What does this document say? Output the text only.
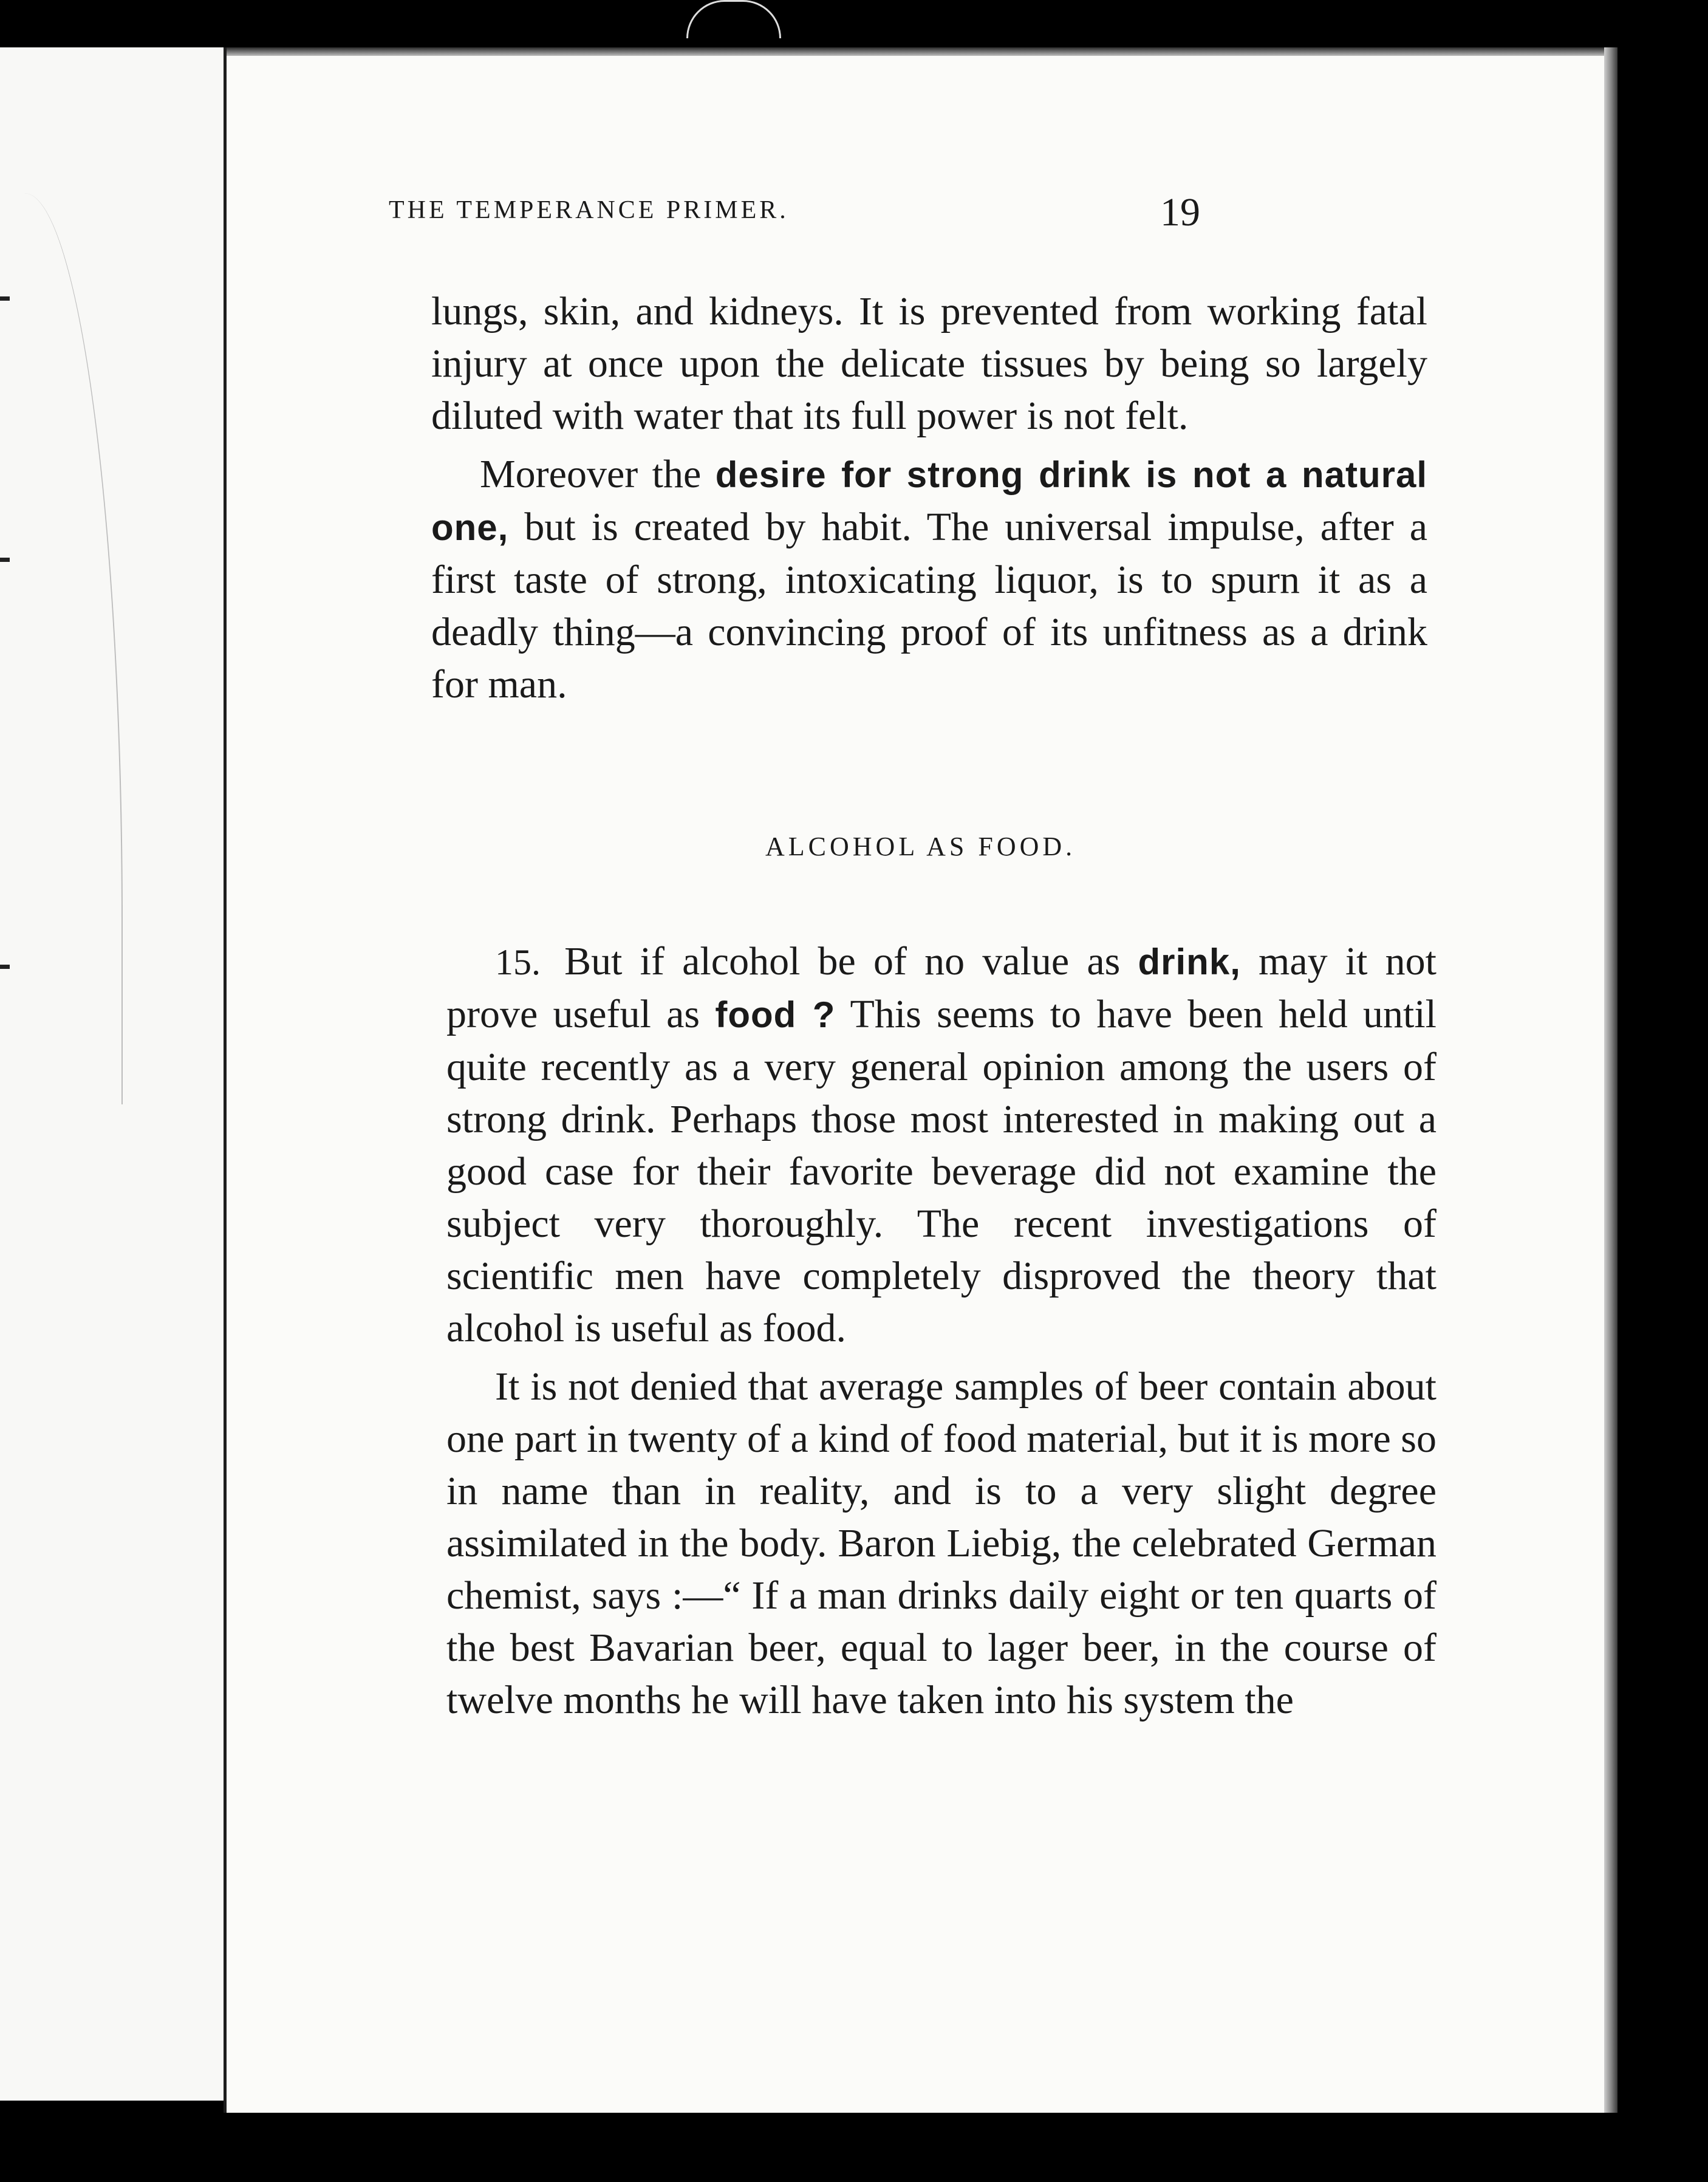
THE TEMPERANCE PRIMER.	19

lungs, skin, and kidneys. It is prevented from working fatal injury at once upon the delicate tissues by being so largely diluted with water that its full power is not felt.

Moreover the desire for strong drink is not a natural one, but is created by habit. The universal impulse, after a first taste of strong, intoxicating liquor, is to spurn it as a deadly thing—a convincing proof of its unfitness as a drink for man.

ALCOHOL AS FOOD.

15. But if alcohol be of no value as drink, may it not prove useful as food ? This seems to have been held until quite recently as a very general opinion among the users of strong drink. Perhaps those most interested in making out a good case for their favorite beverage did not examine the subject very thoroughly. The recent investigations of scientific men have completely disproved the theory that alcohol is useful as food.

It is not denied that average samples of beer contain about one part in twenty of a kind of food material, but it is more so in name than in reality, and is to a very slight degree assimilated in the body. Baron Liebig, the celebrated German chemist, says :—“ If a man drinks daily eight or ten quarts of the best Bavarian beer, equal to lager beer, in the course of twelve months he will have taken into his system the
